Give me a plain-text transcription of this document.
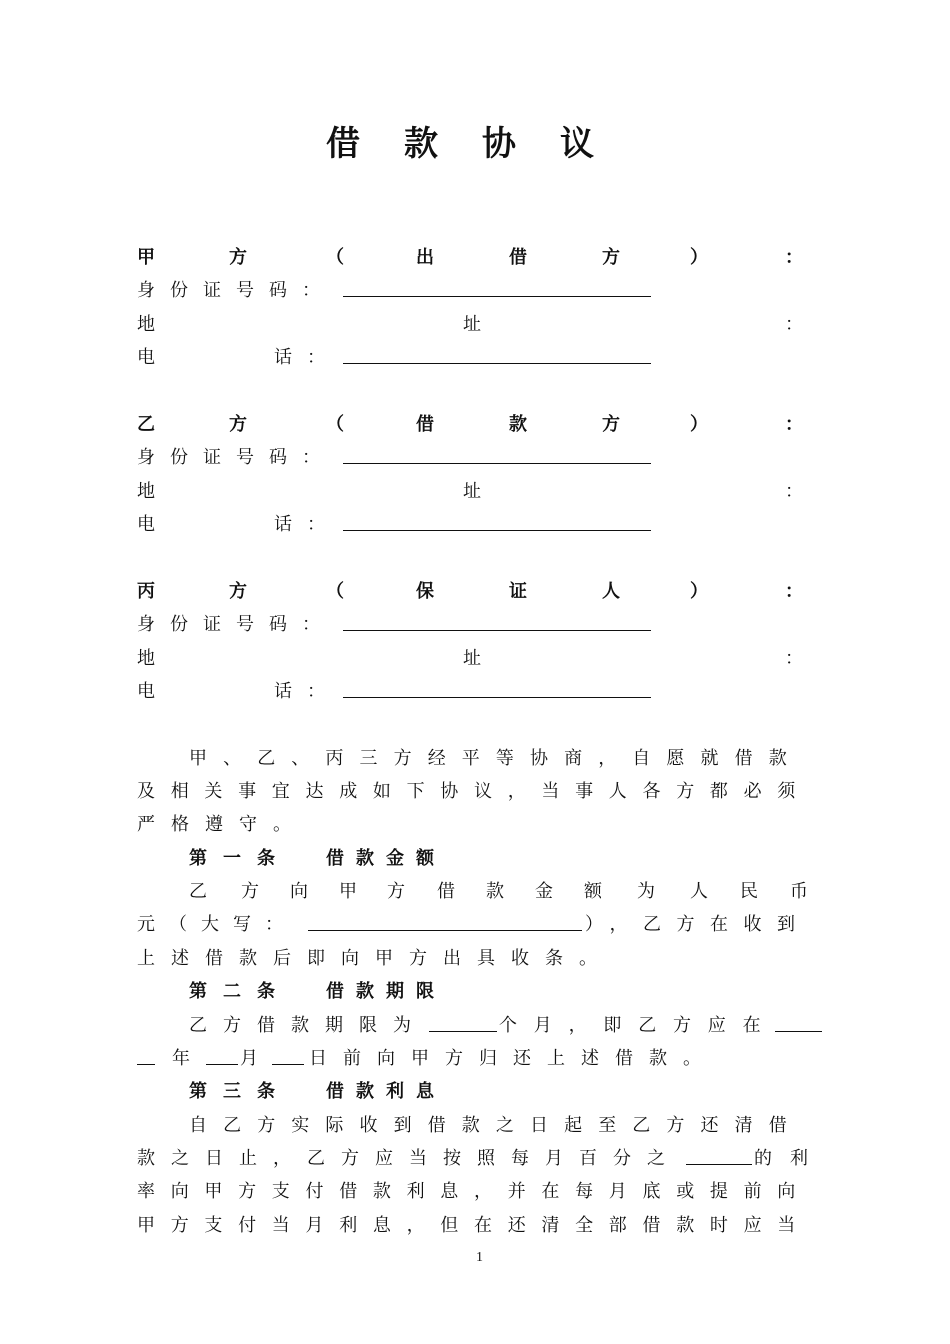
借款协议
甲	方	（	出	借	方	）	：
身份证号码：
地	址	：
电	话：
乙	方	（	借	款	方	）	：
身份证号码：
地	址	：
电	话：
丙	方	（	保	证	人	）	：
身份证号码：
地	址	：
电	话：
甲、乙、丙三方经平等协商，自愿就借款
及相关事宜达成如下协议，当事人各方都必须
严格遵守。
第一条 借款金额
乙 方 向 甲 方 借 款 金 额 为 人 民 币
元（大写：	），乙方在收到
上述借款后即向甲方出具收条。
第二条 借款期限
乙方借款期限为	个月，即乙方应在
年	月	日前向甲方归还上述借款。
第三条 借款利息
自乙方实际收到借款之日起至乙方还清借
款之日止，乙方应当按照每月百分之	的利
率向甲方支付借款利息，并在每月底或提前向
甲方支付当月利息，但在还清全部借款时应当
1
